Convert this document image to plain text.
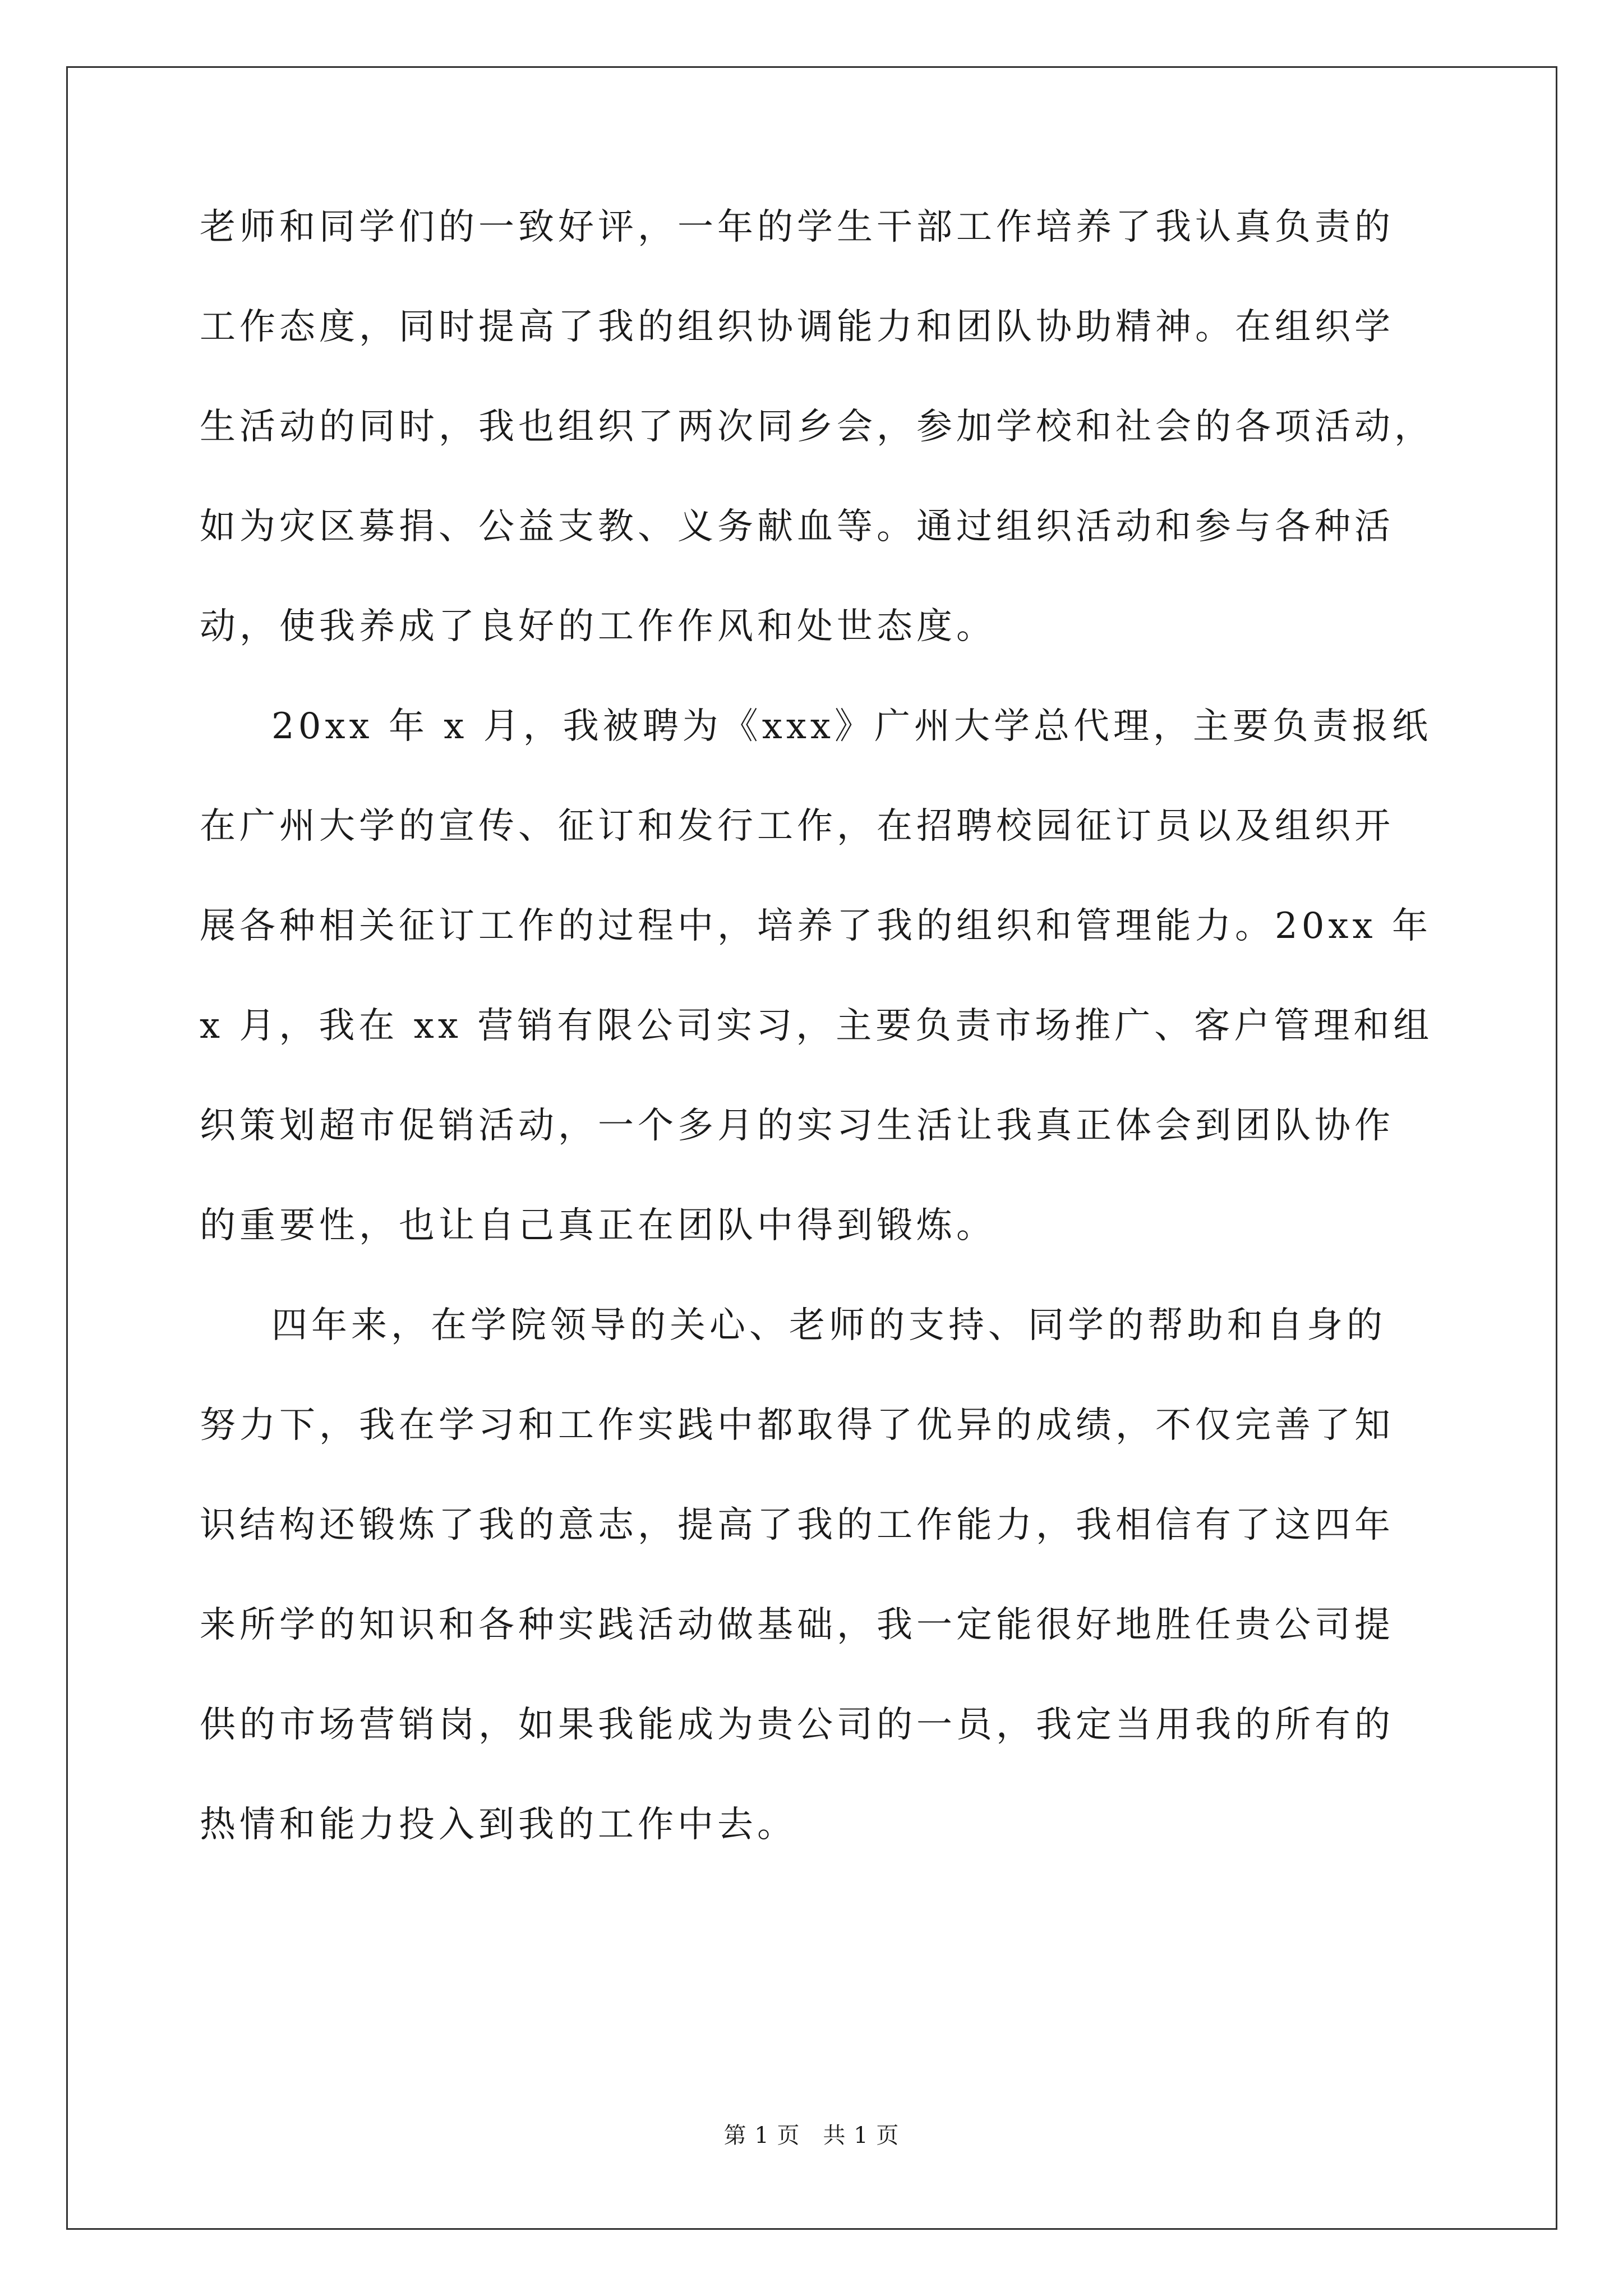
老师和同学们的一致好评，一年的学生干部工作培养了我认真负责的
工作态度，同时提高了我的组织协调能力和团队协助精神。在组织学
生活动的同时，我也组织了两次同乡会，参加学校和社会的各项活动，
如为灾区募捐、公益支教、义务献血等。通过组织活动和参与各种活
动，使我养成了良好的工作作风和处世态度。
20xx 年 x 月，我被聘为《xxx》广州大学总代理，主要负责报纸
在广州大学的宣传、征订和发行工作，在招聘校园征订员以及组织开
展各种相关征订工作的过程中，培养了我的组织和管理能力。20xx 年
x 月，我在 xx 营销有限公司实习，主要负责市场推广、客户管理和组
织策划超市促销活动，一个多月的实习生活让我真正体会到团队协作
的重要性，也让自己真正在团队中得到锻炼。
四年来，在学院领导的关心、老师的支持、同学的帮助和自身的
努力下，我在学习和工作实践中都取得了优异的成绩，不仅完善了知
识结构还锻炼了我的意志，提高了我的工作能力，我相信有了这四年
来所学的知识和各种实践活动做基础，我一定能很好地胜任贵公司提
供的市场营销岗，如果我能成为贵公司的一员，我定当用我的所有的
热情和能力投入到我的工作中去。
第 1 页　共 1 页
